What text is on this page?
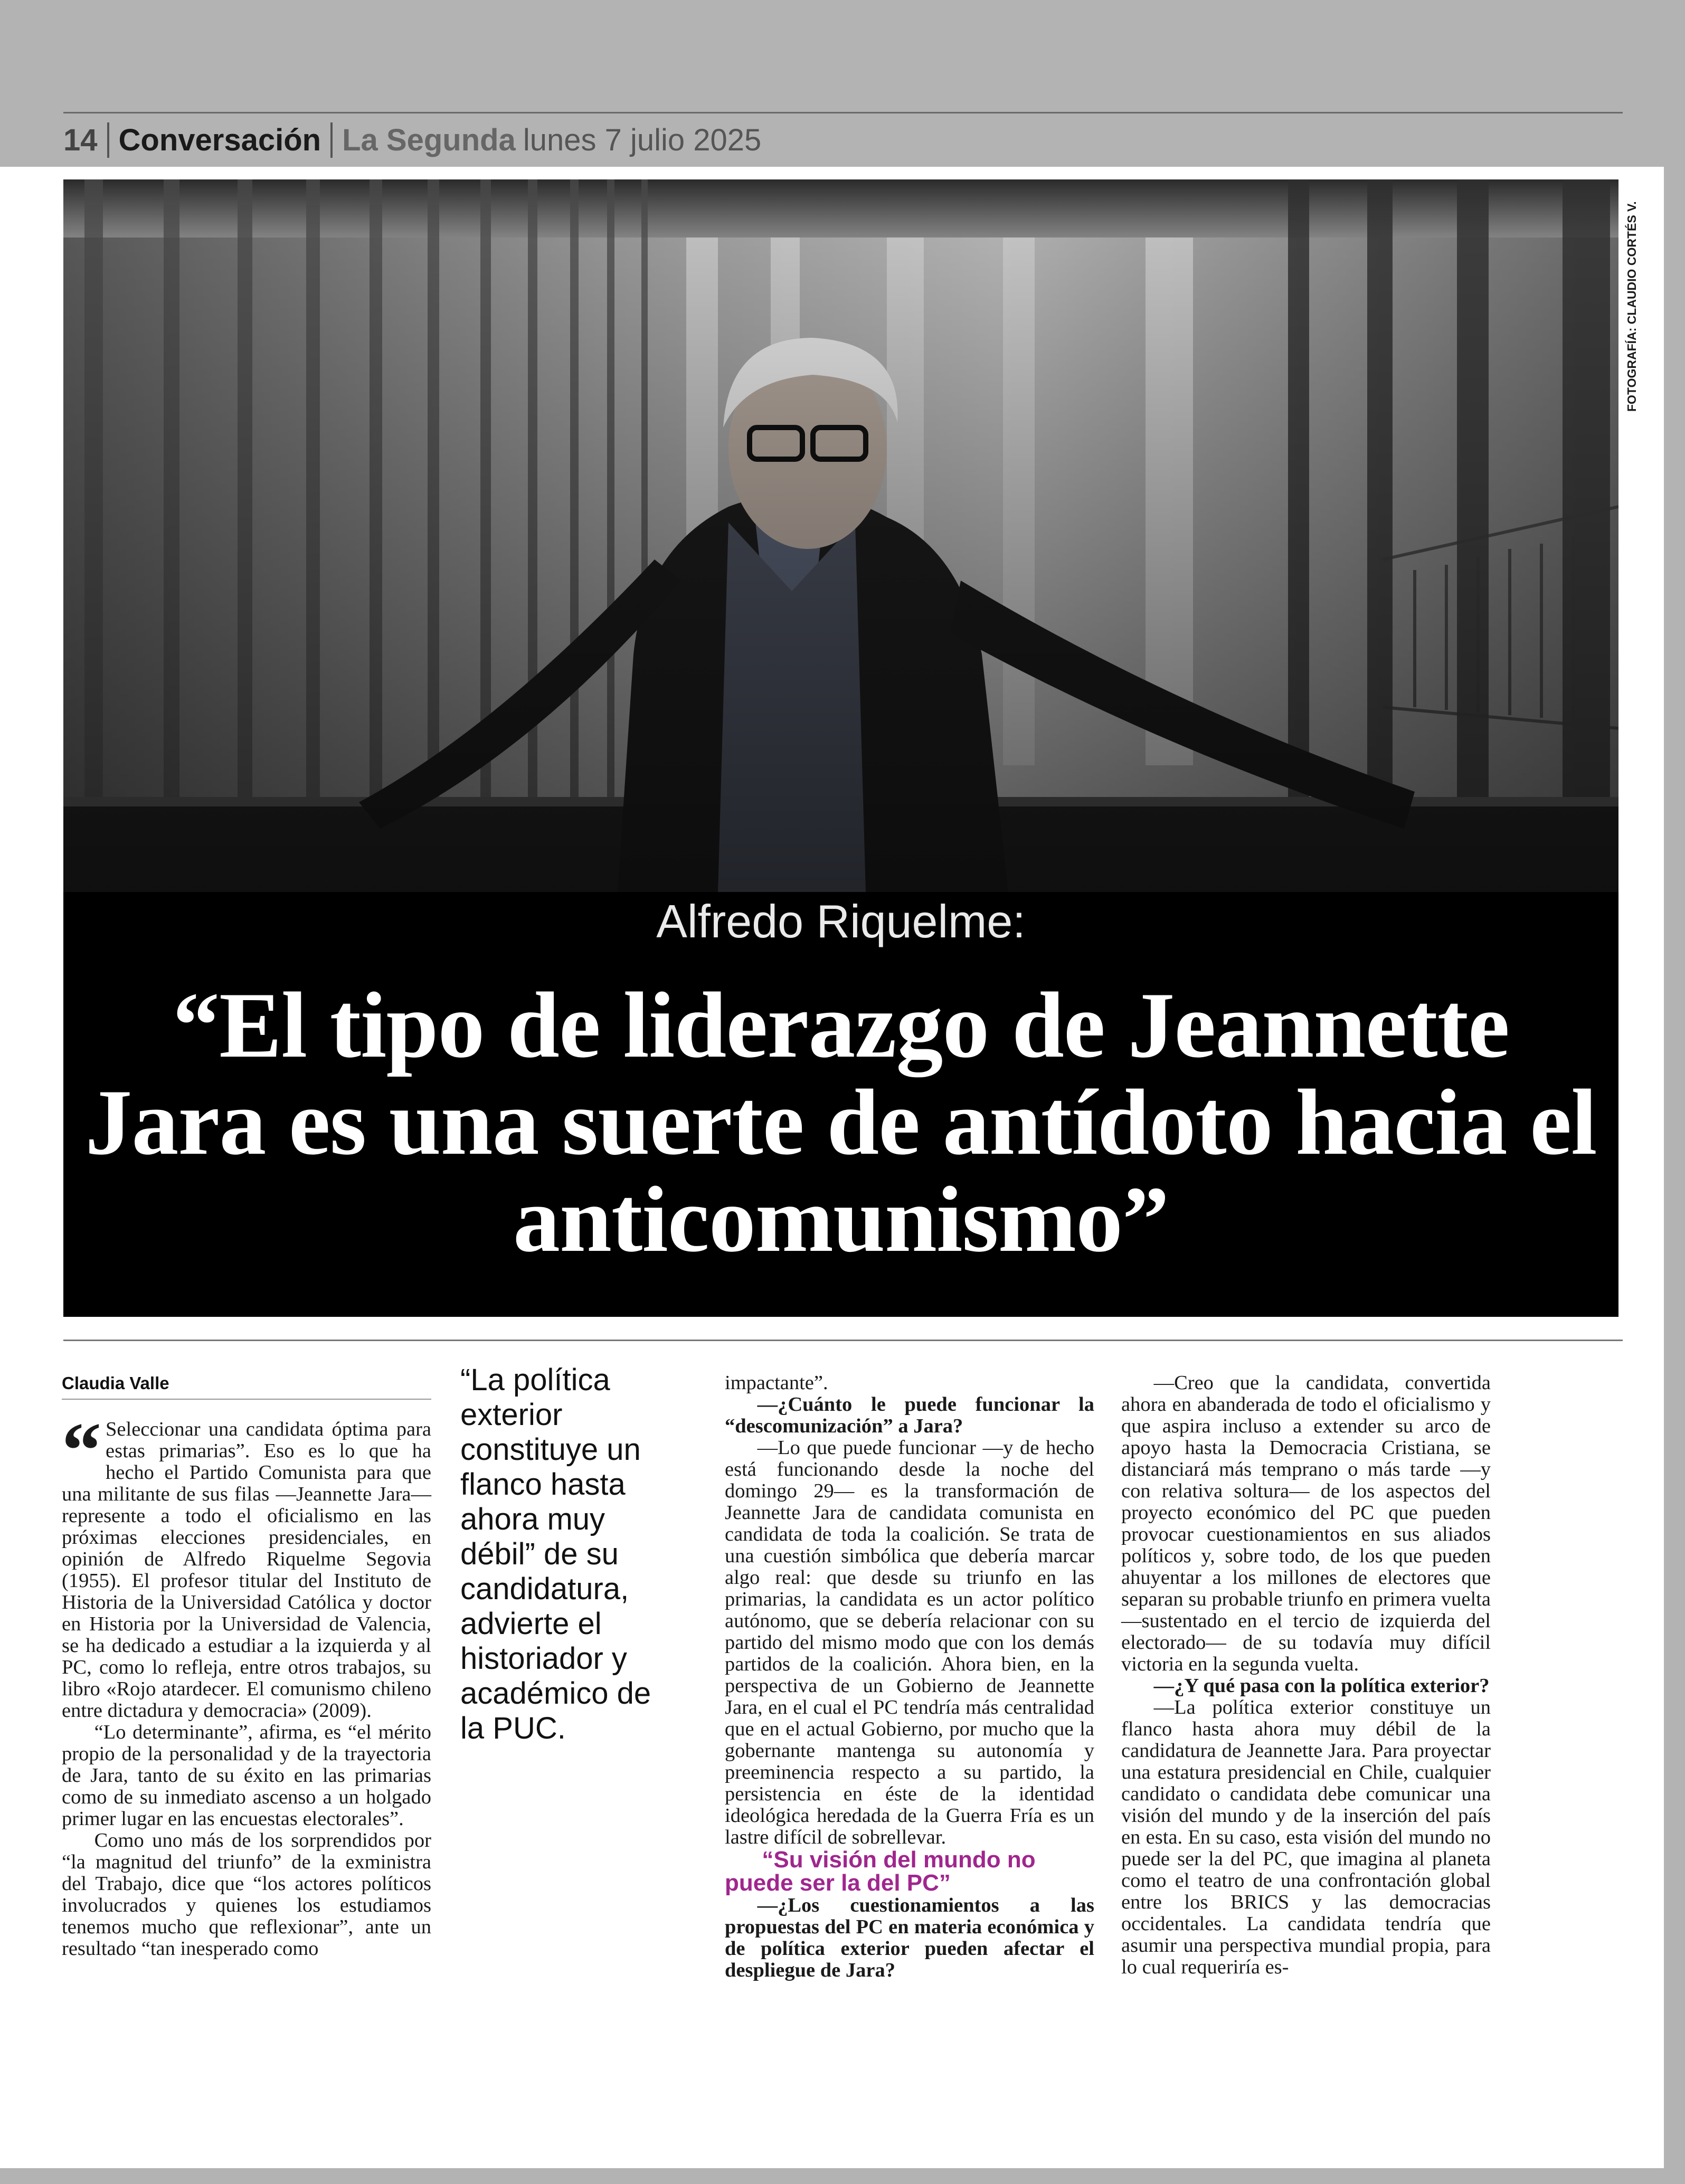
14 Conversación La Segunda lunes 7 julio 2025
FOTOGRAFÍA: CLAUDIO CORTÉS V.
Alfredo Riquelme:
“El tipo de liderazgo de Jeannette Jara es una suerte de antídoto hacia el anticomunismo”
Claudia Valle

“ Seleccionar una candidata óptima para estas primarias”. Eso es lo que ha hecho el Partido Comunista para que una militante de sus filas —Jeannette Jara— represente a todo el oficialismo en las próximas elecciones presidenciales, en opinión de Alfredo Riquelme Segovia (1955). El profesor titular del Instituto de Historia de la Universidad Católica y doctor en Historia por la Universidad de Valencia, se ha dedicado a estudiar a la izquierda y al PC, como lo refleja, entre otros trabajos, su libro «Rojo atardecer. El comunismo chileno entre dictadura y democracia» (2009).

“Lo determinante”, afirma, es “el mérito propio de la personalidad y de la trayectoria de Jara, tanto de su éxito en las primarias como de su inmediato ascenso a un holgado primer lugar en las encuestas electorales”.

Como uno más de los sorprendidos por “la magnitud del triunfo” de la exministra del Trabajo, dice que “los actores políticos involucrados y quienes los estudiamos tenemos mucho que reflexionar”, ante un resultado “tan inesperado como

“La política exterior constituye un flanco hasta ahora muy débil” de su candidatura, advierte el historiador y académico de la PUC.

impactante”.

—¿Cuánto le puede funcionar la “descomunización” a Jara?

—Lo que puede funcionar —y de hecho está funcionando desde la noche del domingo 29— es la transformación de Jeannette Jara de candidata comunista en candidata de toda la coalición. Se trata de una cuestión simbólica que debería marcar algo real: que desde su triunfo en las primarias, la candidata es un actor político autónomo, que se debería relacionar con su partido del mismo modo que con los demás partidos de la coalición. Ahora bien, en la perspectiva de un Gobierno de Jeannette Jara, en el cual el PC tendría más centralidad que en el actual Gobierno, por mucho que la gobernante mantenga su autonomía y preeminencia respecto a su partido, la persistencia en éste de la identidad ideológica heredada de la Guerra Fría es un lastre difícil de sobrellevar.

“Su visión del mundo no puede ser la del PC”

—¿Los cuestionamientos a las propuestas del PC en materia económica y de política exterior pueden afectar el despliegue de Jara?

—Creo que la candidata, convertida ahora en abanderada de todo el oficialismo y que aspira incluso a extender su arco de apoyo hasta la Democracia Cristiana, se distanciará más temprano o más tarde —y con relativa soltura— de los aspectos del proyecto económico del PC que pueden provocar cuestionamientos en sus aliados políticos y, sobre todo, de los que pueden ahuyentar a los millones de electores que separan su probable triunfo en primera vuelta —sustentado en el tercio de izquierda del electorado— de su todavía muy difícil victoria en la segunda vuelta.

—¿Y qué pasa con la política exterior?

—La política exterior constituye un flanco hasta ahora muy débil de la candidatura de Jeannette Jara. Para proyectar una estatura presidencial en Chile, cualquier candidato o candidata debe comunicar una visión del mundo y de la inserción del país en esta. En su caso, esta visión del mundo no puede ser la del PC, que imagina al planeta como el teatro de una confrontación global entre los BRICS y las democracias occidentales. La candidata tendría que asumir una perspectiva mundial propia, para lo cual requeriría es-
